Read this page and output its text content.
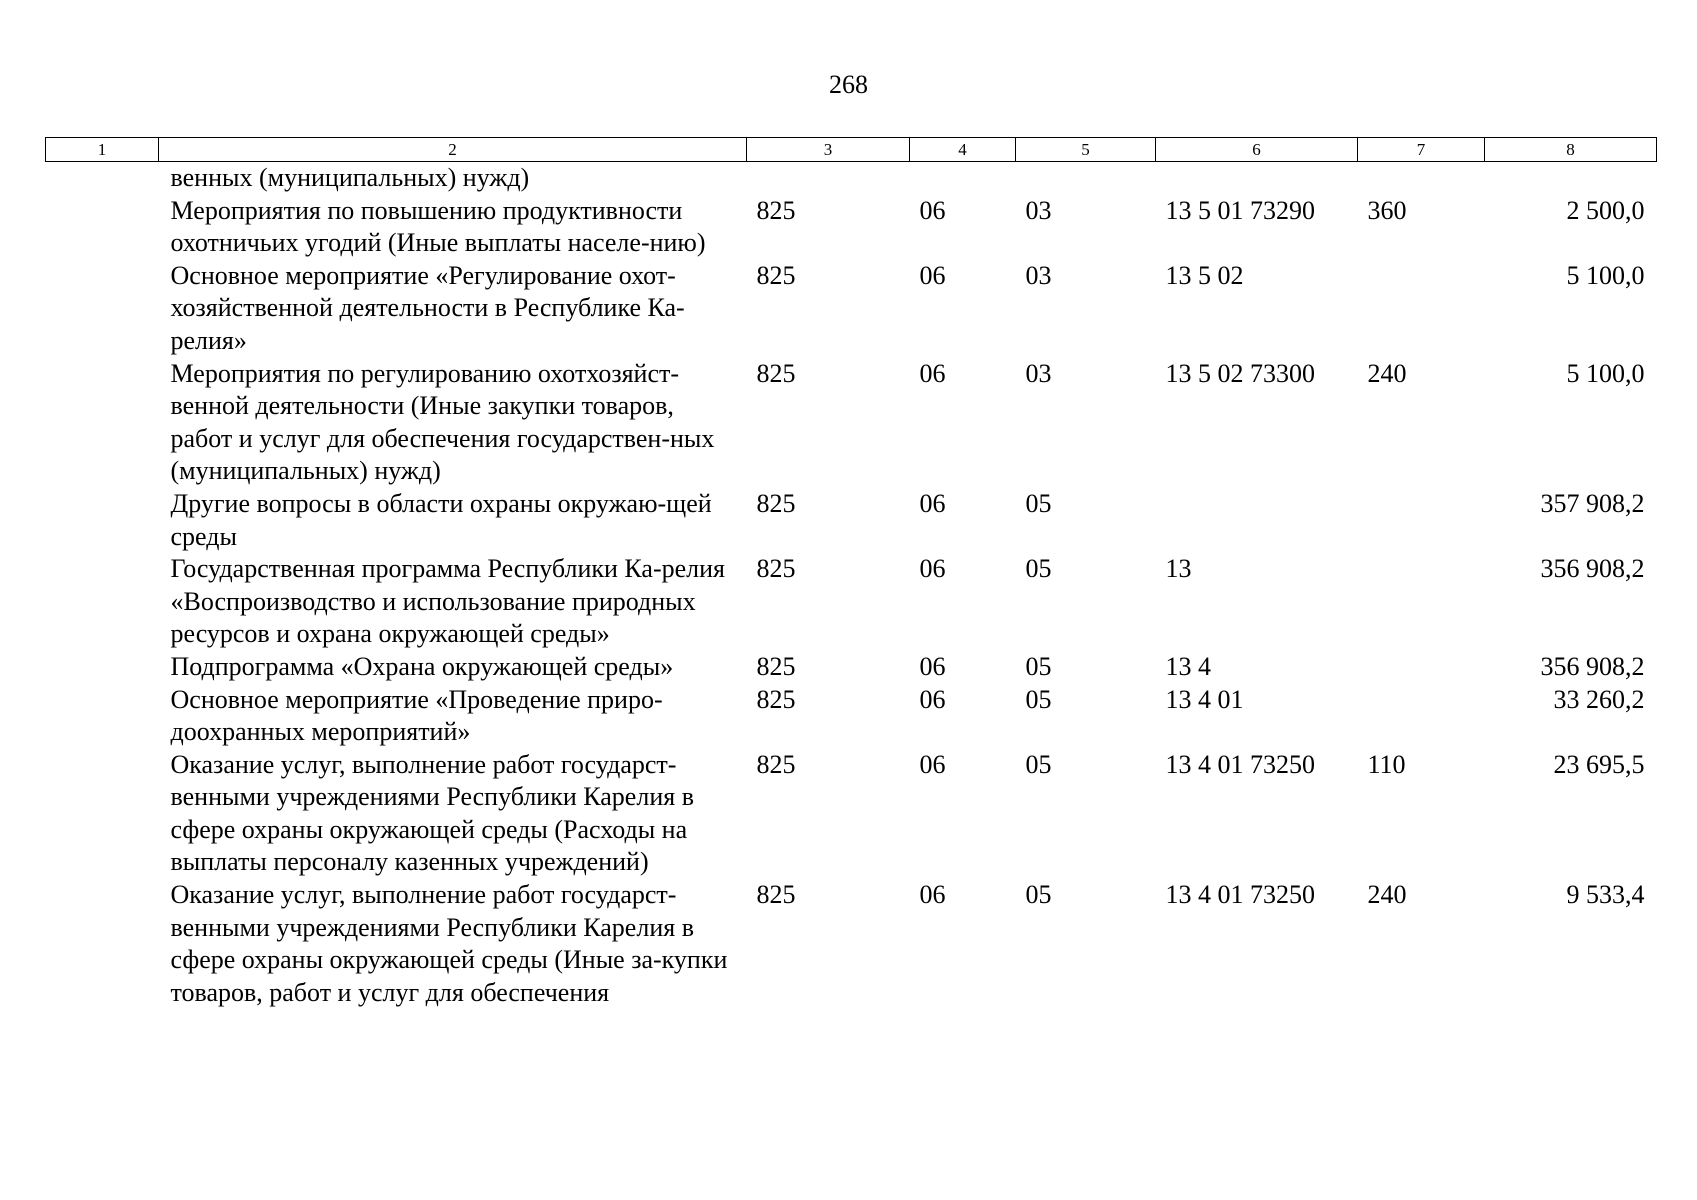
268
1	2	3	4	5	6	7	8
	венных (муниципальных) нужд)						
	Мероприятия по повышению продуктивности охотничьих угодий (Иные выплаты населе-нию)	825	06	03	13 5 01 73290	360	2 500,0
	Основное мероприятие «Регулирование охот-хозяйственной деятельности в Республике Ка-релия»	825	06	03	13 5 02		5 100,0
	Мероприятия по регулированию охотхозяйст-венной деятельности (Иные закупки товаров, работ и услуг для обеспечения государствен-ных (муниципальных) нужд)	825	06	03	13 5 02 73300	240	5 100,0
	Другие вопросы в области охраны окружаю-щей среды	825	06	05			357 908,2
	Государственная программа Республики Ка-релия «Воспроизводство и использование природных ресурсов и охрана окружающей среды»	825	06	05	13		356 908,2
	Подпрограмма «Охрана окружающей среды»	825	06	05	13 4		356 908,2
	Основное мероприятие «Проведение приро-доохранных мероприятий»	825	06	05	13 4 01		33 260,2
	Оказание услуг, выполнение работ государст-венными учреждениями Республики Карелия в сфере охраны окружающей среды (Расходы на выплаты персоналу казенных учреждений)	825	06	05	13 4 01 73250	110	23 695,5
	Оказание услуг, выполнение работ государст-венными учреждениями Республики Карелия в сфере охраны окружающей среды (Иные за-купки товаров, работ и услуг для обеспечения	825	06	05	13 4 01 73250	240	9 533,4
